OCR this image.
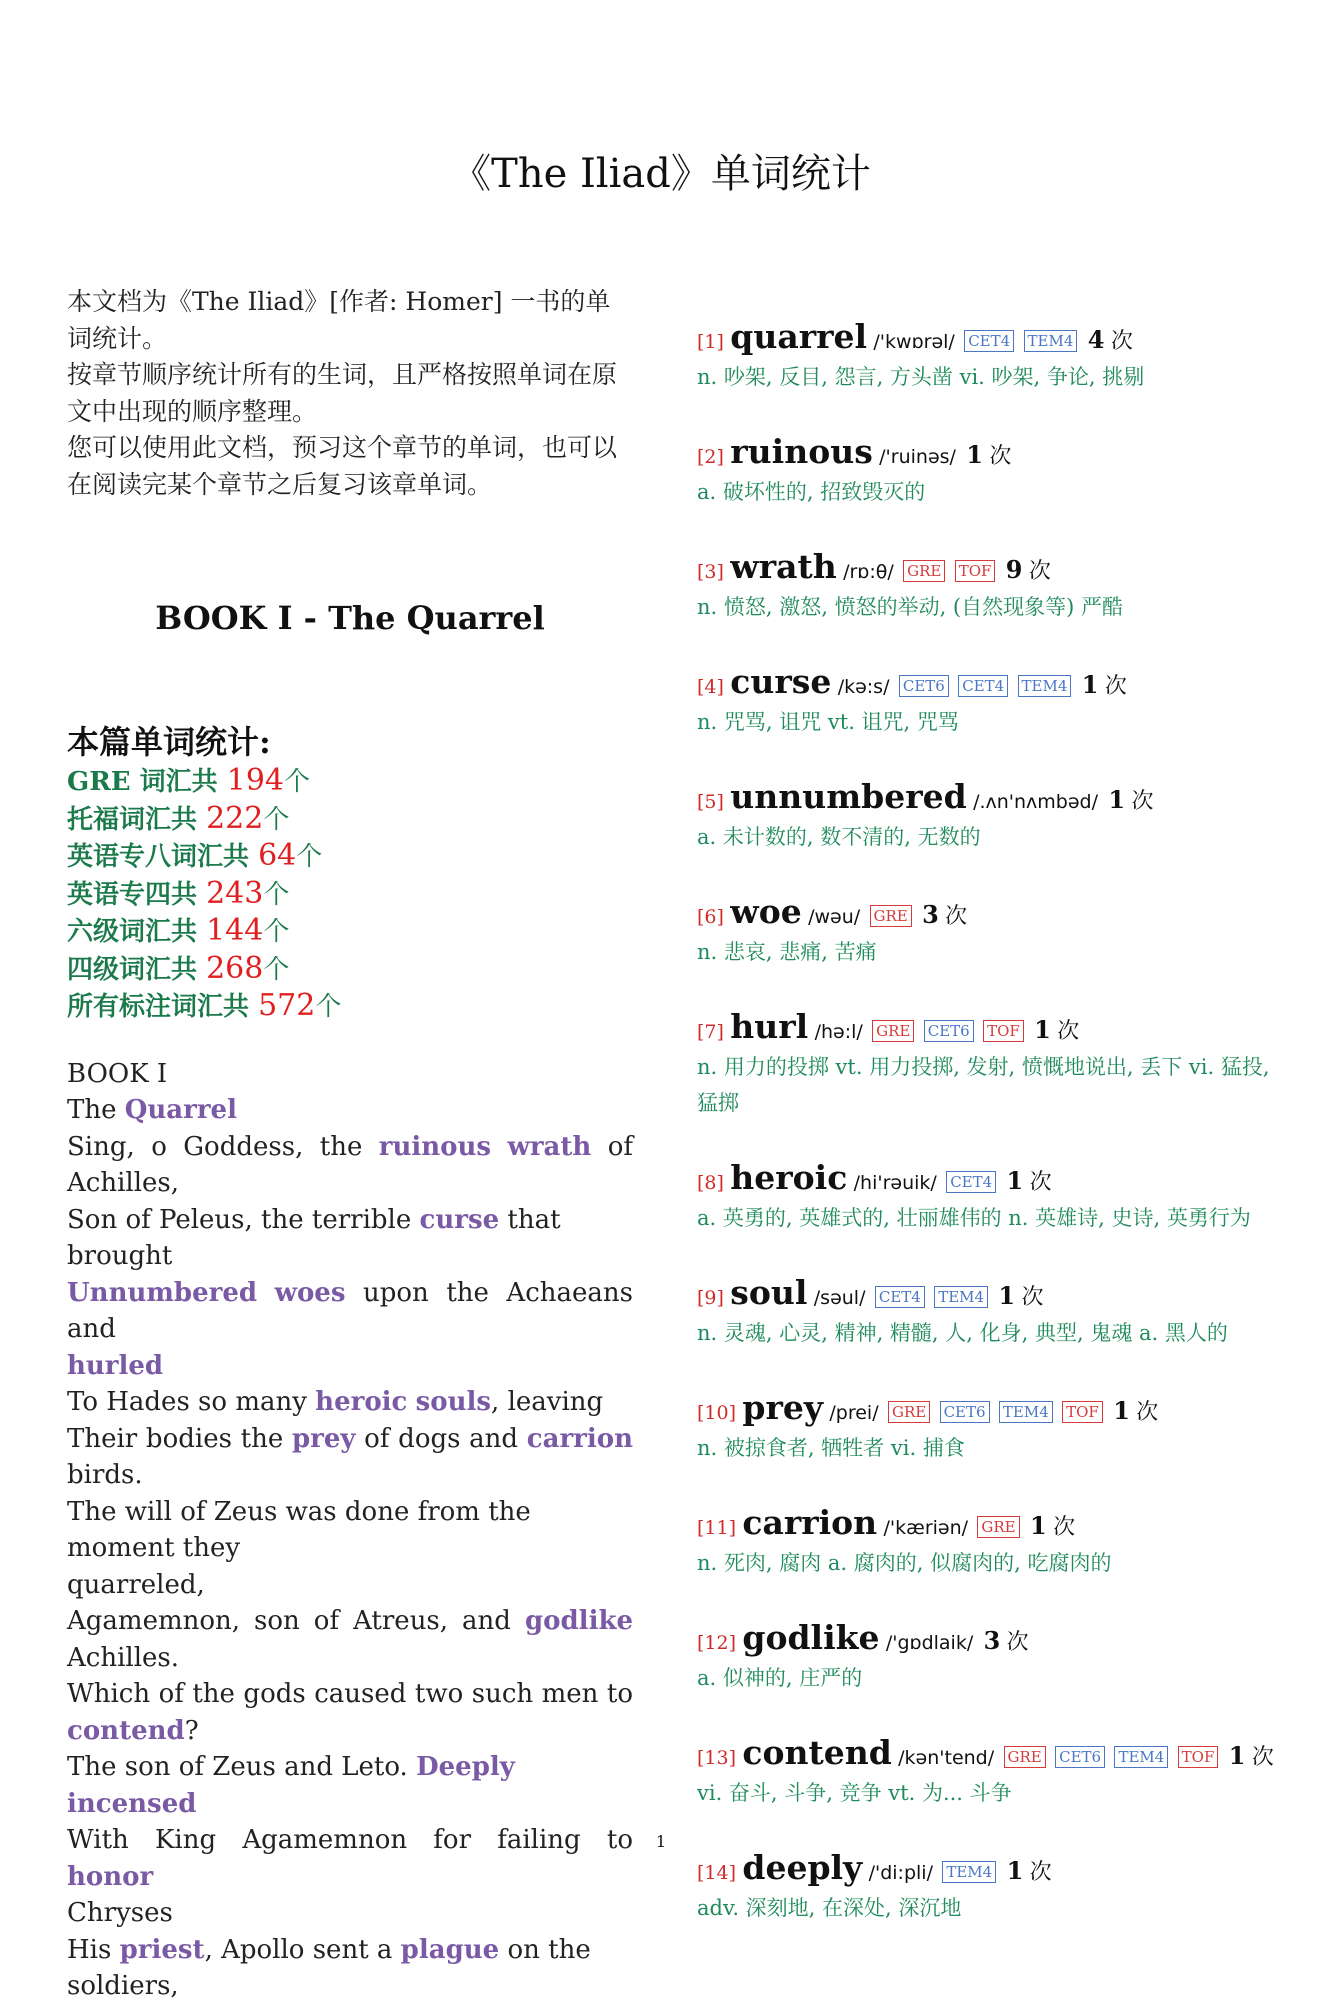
《The Iliad》单词统计

本文档为《The Iliad》[作者: Homer] 一书的单词统计。

按章节顺序统计所有的生词，且严格按照单词在原文中出现的顺序整理。

您可以使用此文档，预习这个章节的单词，也可以在阅读完某个章节之后复习该章单词。

BOOK I - The Quarrel
本篇单词统计:
GRE 词汇共 194个
托福词汇共 222个
英语专八词汇共 64个
英语专四共 243个
六级词汇共 144个
四级词汇共 268个
所有标注词汇共 572个
BOOK I
The Quarrel
Sing, o Goddess, the ruinous wrath of
Achilles,
Son of Peleus, the terrible curse that brought
Unnumbered woes upon the Achaeans and
hurled
To Hades so many heroic souls, leaving
Their bodies the prey of dogs and carrion
birds.
The will of Zeus was done from the moment they
quarreled,
Agamemnon, son of Atreus, and godlike
Achilles.
Which of the gods caused two such men to
contend?
The son of Zeus and Leto. Deeply incensed
With King Agamemnon for failing to honor
Chryses
His priest, Apollo sent a plague on the soldiers,
[1] quarrel /'kwɒrəl/ CET4 TEM4 4 次
n. 吵架, 反目, 怨言, 方头凿 vi. 吵架, 争论, 挑剔
[2] ruinous /'ruinəs/ 1 次
a. 破坏性的, 招致毁灭的
[3] wrath /rɒ:θ/ GRE TOF 9 次
n. 愤怒, 激怒, 愤怒的举动, (自然现象等) 严酷
[4] curse /kə:s/ CET6 CET4 TEM4 1 次
n. 咒骂, 诅咒 vt. 诅咒, 咒骂
[5] unnumbered /.ʌn'nʌmbəd/ 1 次
a. 未计数的, 数不清的, 无数的
[6] woe /wəu/ GRE 3 次
n. 悲哀, 悲痛, 苦痛
[7] hurl /hə:l/ GRE CET6 TOF 1 次
n. 用力的投掷 vt. 用力投掷, 发射, 愤慨地说出, 丢下 vi. 猛投, 猛掷
[8] heroic /hi'rəuik/ CET4 1 次
a. 英勇的, 英雄式的, 壮丽雄伟的 n. 英雄诗, 史诗, 英勇行为
[9] soul /səul/ CET4 TEM4 1 次
n. 灵魂, 心灵, 精神, 精髓, 人, 化身, 典型, 鬼魂 a. 黑人的
[10] prey /prei/ GRE CET6 TEM4 TOF 1 次
n. 被掠食者, 牺牲者 vi. 捕食
[11] carrion /'kæriən/ GRE 1 次
n. 死肉, 腐肉 a. 腐肉的, 似腐肉的, 吃腐肉的
[12] godlike /'gɒdlaik/ 3 次
a. 似神的, 庄严的
[13] contend /kən'tend/ GRE CET6 TEM4 TOF 1 次
vi. 奋斗, 斗争, 竞争 vt. 为... 斗争
[14] deeply /'di:pli/ TEM4 1 次
adv. 深刻地, 在深处, 深沉地
1
